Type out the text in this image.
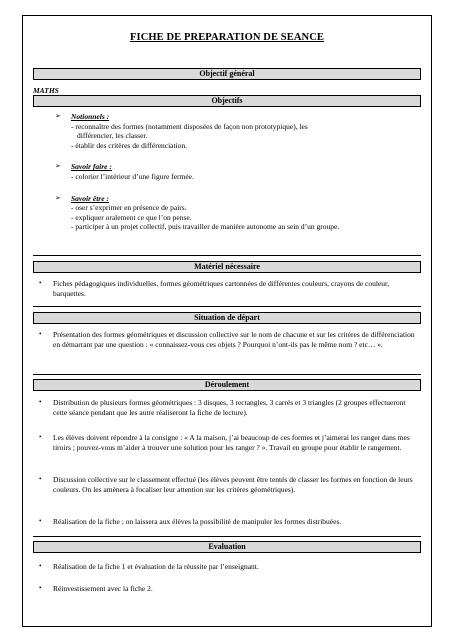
FICHE DE PREPARATION DE SEANCE
Objectif général
MATHS
Objectifs
➢	Notionnels :
- reconnaître des formes (notamment disposées de façon non prototypique), les
différencier, les classer.
- établir des critères de différenciation.
➢	Savoir faire :
- colorier l’intérieur d’une figure fermée.
➢	Savoir être :
- oser s’exprimer en présence de pairs.
- expliquer oralement ce que l’on pense.
- participer à un projet collectif, puis travailler de manière autonome au sein d’un groupe.
Matériel nécessaire
•	Fiches pédagogiques individuelles, formes géométriques cartonnées de différentes couleurs, crayons de couleur, barquettes.
Situation de départ
•	Présentation des formes géométriques et discussion collective sur le nom de chacune et sur les critères de différenciation en démarrant par une question : « connaissez-vous ces objets ? Pourquoi n’ont-ils pas le même nom ? etc… ».
Déroulement
•	Distribution de plusieurs formes géométriques : 3 disques, 3 rectangles, 3 carrés et 3 triangles (2 groupes effectueront cette séance pendant que les autre réaliseront la fiche de lecture).
•	Les élèves doivent répondre à la consigne : « A la maison, j’ai beaucoup de ces formes et j’aimerai les ranger dans mes tiroirs ; pouvez-vous m’aider à trouver une solution pour les ranger ? ». Travail en groupe pour établir le rangement.
•	Discussion collective sur le classement effectué (les élèves peuvent être tentés de classer les formes en fonction de leurs couleurs. On les amènera à focaliser leur attention sur les critères géométriques).
•	Réalisation de la fiche ; on laissera aux élèves la possibilité de manipuler les formes distribuées.
Evaluation
•	Réalisation de la fiche 1 et évaluation de la réussite par l’enseignant.
•	Réinvestissement avec la fiche 2.
